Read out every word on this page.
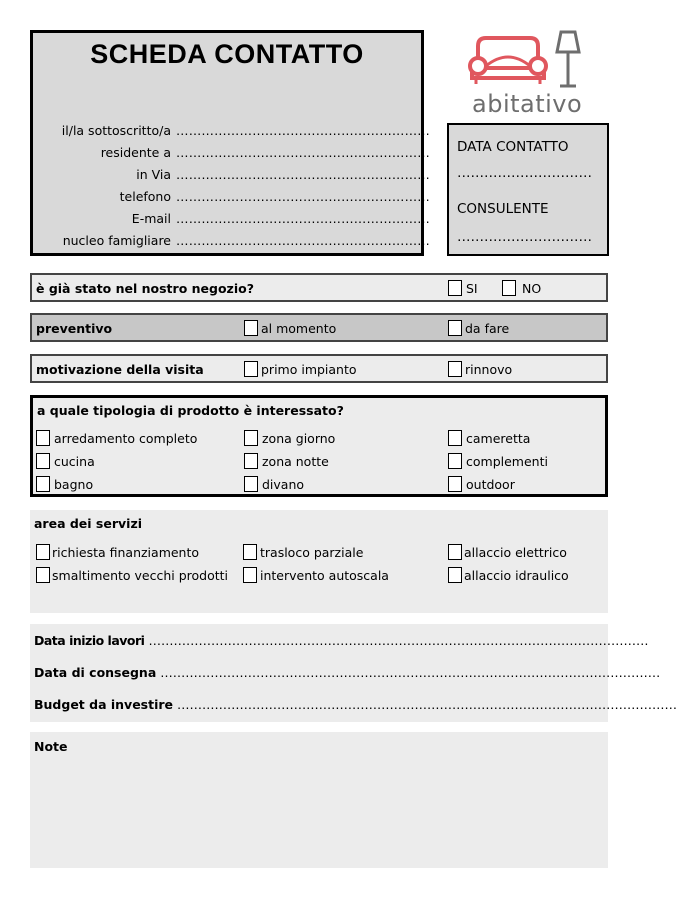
SCHEDA CONTATTO
il/la sottoscritto/a ……………………………………………………
residente a ……………………………………………………
in Via ……………………………………………………
telefono ……………………………………………………
E-mail ……………………………………………………
nucleo famigliare ……………………………………………………
abitativo
DATA CONTATTO
…………………………
CONSULENTE
…………………………
è già stato nel nostro negozio?	SI	NO
preventivo	al momento	da fare
motivazione della visita	primo impianto	rinnovo
a quale tipologia di prodotto è interessato?
arredamento completo	zona giorno	cameretta
cucina	zona notte	complementi
bagno	divano	outdoor
area dei servizi
richiesta finanziamento	trasloco parziale	allaccio elettrico
smaltimento vecchi prodotti	intervento autoscala	allaccio idraulico
Data inizio lavori …………………………………………………………………………………………………………
Data di consegna …………………………………………………………………………………………………………
Budget da investire …………………………………………………………………………………………………………
Note
